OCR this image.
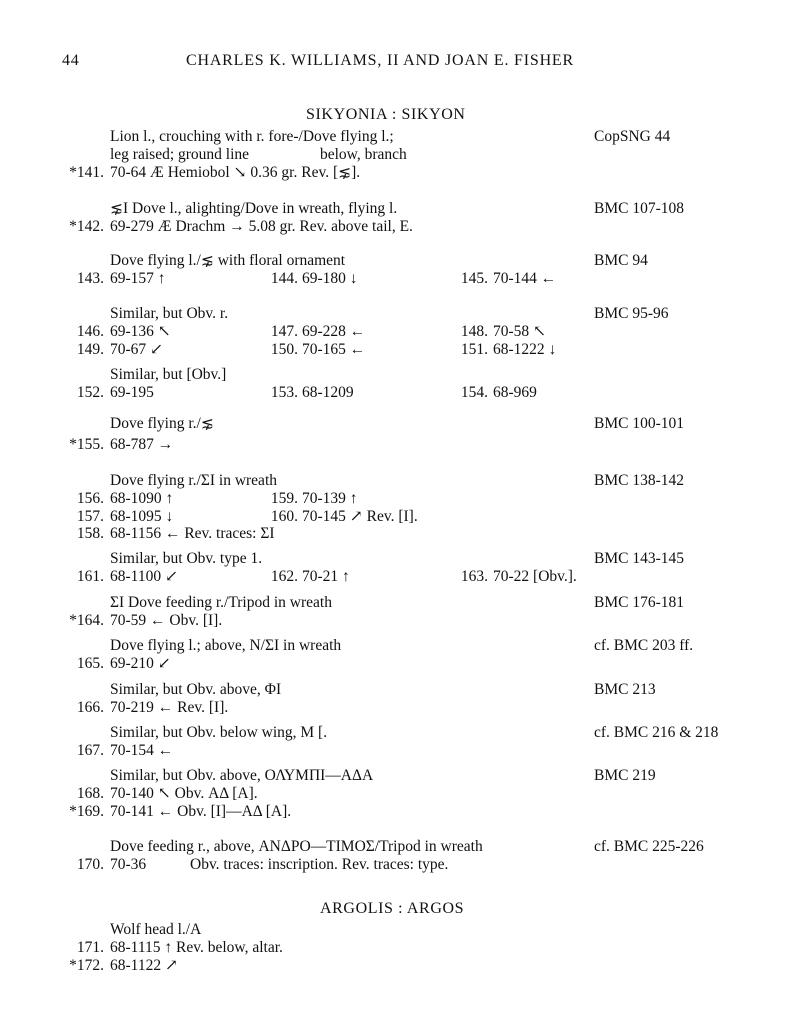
44	CHARLES K. WILLIAMS, II AND JOAN E. FISHER
SIKYONIA : SIKYON
Lion l., crouching with r. fore-/Dove flying l.;	CopSNG 44
leg raised; ground line	below, branch
*141. 70-64 Æ Hemiobol ↘ 0.36 gr. Rev. [⋦].
⋦I Dove l., alighting/Dove in wreath, flying l.	BMC 107-108
*142. 69-279 Æ Drachm → 5.08 gr. Rev. above tail, E.
Dove flying l./⋦ with floral ornament	BMC 94
143. 69-157 ↑	144. 69-180 ↓	145. 70-144 ←
Similar, but Obv. r.	BMC 95-96
146. 69-136 ↖	147. 69-228 ←	148. 70-58 ↖
149. 70-67 ↙	150. 70-165 ←	151. 68-1222 ↓
Similar, but [Obv.]
152. 69-195	153. 68-1209	154. 68-969
Dove flying r./⋦	BMC 100-101
*155. 68-787 →
Dove flying r./ΣI in wreath	BMC 138-142
156. 68-1090 ↑	159. 70-139 ↑
157. 68-1095 ↓	160. 70-145 ↗ Rev. [I].
158. 68-1156 ← Rev. traces: ΣI
Similar, but Obv. type 1.	BMC 143-145
161. 68-1100 ↙	162. 70-21 ↑	163. 70-22 [Obv.].
ΣI Dove feeding r./Tripod in wreath	BMC 176-181
*164. 70-59 ← Obv. [I].
Dove flying l.; above, N/ΣI in wreath	cf. BMC 203 ff.
165. 69-210 ↙
Similar, but Obv. above, ΦI	BMC 213
166. 70-219 ← Rev. [I].
Similar, but Obv. below wing, M [.	cf. BMC 216 & 218
167. 70-154 ←
Similar, but Obv. above, ΟΛΥΜΠΙ—ΑΔΑ	BMC 219
168. 70-140 ↖ Obv. ΑΔ [Α].
*169. 70-141 ← Obv. [I]—ΑΔ [Α].
Dove feeding r., above, ΑΝΔΡΟ—ΤΙΜΟΣ/Tripod in wreath	cf. BMC 225-226
170. 70-36	Obv. traces: inscription. Rev. traces: type.
ARGOLIS : ARGOS
Wolf head l./A
171. 68-1115 ↑ Rev. below, altar.
*172. 68-1122 ↗
